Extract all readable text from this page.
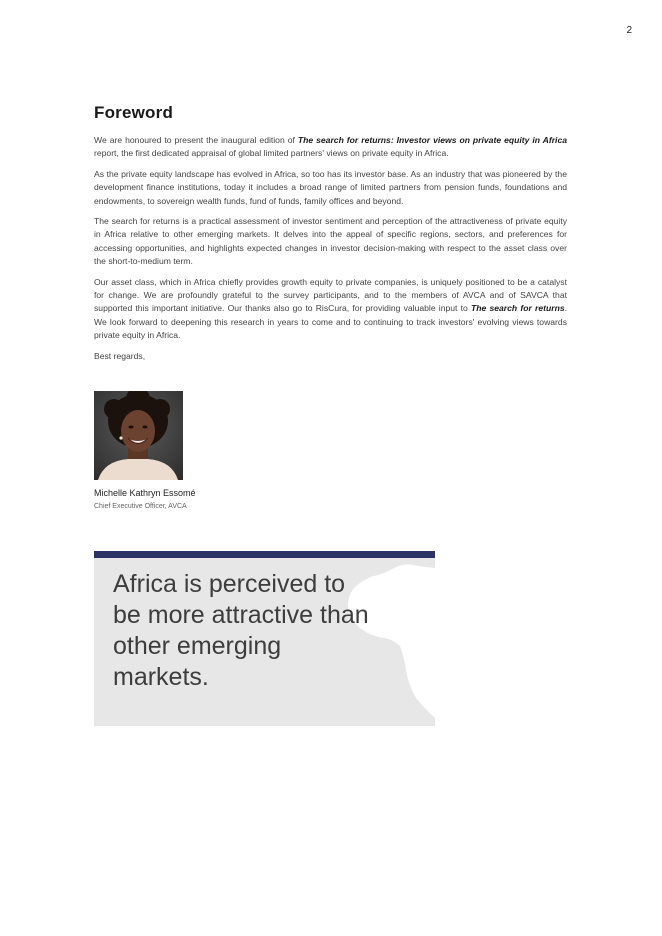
2
Foreword

We are honoured to present the inaugural edition of The search for returns: Investor views on private equity in Africa report, the first dedicated appraisal of global limited partners' views on private equity in Africa.

As the private equity landscape has evolved in Africa, so too has its investor base. As an industry that was pioneered by the development finance institutions, today it includes a broad range of limited partners from pension funds, foundations and endowments, to sovereign wealth funds, fund of funds, family offices and beyond.

The search for returns is a practical assessment of investor sentiment and perception of the attractiveness of private equity in Africa relative to other emerging markets. It delves into the appeal of specific regions, sectors, and preferences for accessing opportunities, and highlights expected changes in investor decision-making with respect to the asset class over the short-to-medium term.

Our asset class, which in Africa chiefly provides growth equity to private companies, is uniquely positioned to be a catalyst for change. We are profoundly grateful to the survey participants, and to the members of AVCA and of SAVCA that supported this important initiative. Our thanks also go to RisCura, for providing valuable input to The search for returns. We look forward to deepening this research in years to come and to continuing to track investors' evolving views towards private equity in Africa.

Best regards,

Michelle Kathryn Essomé
Chief Executive Officer, AVCA

Africa is perceived to be more attractive than other emerging markets.
